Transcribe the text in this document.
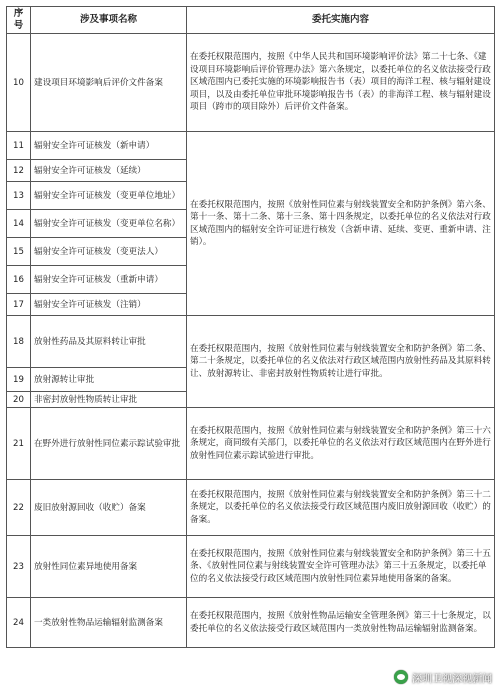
序号	涉及事项名称	委托实施内容
10	建设项目环境影响后评价文件备案	在委托权限范围内，按照《中华人民共和国环境影响评价法》第二十七条、《建设项目环境影响后评价管理办法》第六条规定，以委托单位的名义依法接受行政区域范围内已委托实施的环境影响报告书（表）项目的海洋工程、核与辐射建设项目，以及由委托单位审批环境影响报告书（表）的非海洋工程、核与辐射建设项目（跨市的项目除外）后评价文件备案。
11	辐射安全许可证核发（新申请）	在委托权限范围内，按照《放射性同位素与射线装置安全和防护条例》第六条、第十一条、第十二条、第十三条、第十四条规定，以委托单位的名义依法对行政区域范围内的辐射安全许可证进行核发（含新申请、延续、变更、重新申请、注销）。
12	辐射安全许可证核发（延续）	
13	辐射安全许可证核发（变更单位地址）	
14	辐射安全许可证核发（变更单位名称）	
15	辐射安全许可证核发（变更法人）	
16	辐射安全许可证核发（重新申请）	
17	辐射安全许可证核发（注销）	
18	放射性药品及其原料转让审批	在委托权限范围内，按照《放射性同位素与射线装置安全和防护条例》第二条、第二十条规定，以委托单位的名义依法对行政区域范围内放射性药品及其原料转让、放射源转让、非密封放射性物质转让进行审批。
19	放射源转让审批	
20	非密封放射性物质转让审批	
21	在野外进行放射性同位素示踪试验审批	在委托权限范围内，按照《放射性同位素与射线装置安全和防护条例》第三十六条规定，商同级有关部门，以委托单位的名义依法对行政区域范围内在野外进行放射性同位素示踪试验进行审批。
22	废旧放射源回收（收贮）备案	在委托权限范围内，按照《放射性同位素与射线装置安全和防护条例》第三十二条规定，以委托单位的名义依法接受行政区域范围内废旧放射源回收（收贮）的备案。
23	放射性同位素异地使用备案	在委托权限范围内，按照《放射性同位素与射线装置安全和防护条例》第三十五条、《放射性同位素与射线装置安全许可管理办法》第三十五条规定，以委托单位的名义依法接受行政区域范围内放射性同位素异地使用备案的备案。
24	一类放射性物品运输辐射监测备案	在委托权限范围内，按照《放射性物品运输安全管理条例》第三十七条规定，以委托单位的名义依法接受行政区域范围内一类放射性物品运输辐射监测备案。
深圳卫视深视新闻
